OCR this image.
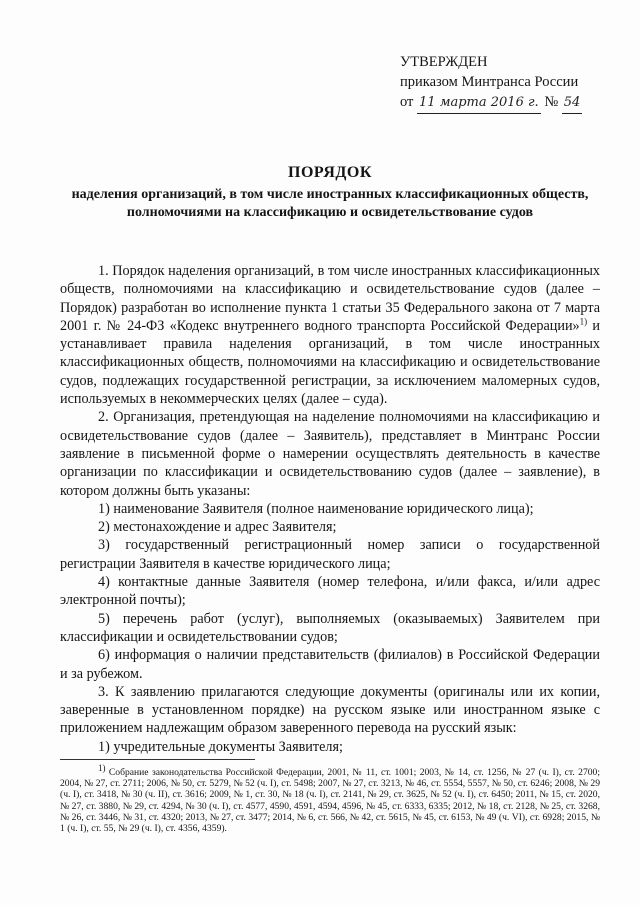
УТВЕРЖДЕН
приказом Минтранса России
от 11 марта 2016 г. № 54
ПОРЯДОК
наделения организаций, в том числе иностранных классификационных обществ, полномочиями на классификацию и освидетельствование судов

1. Порядок наделения организаций, в том числе иностранных классификационных обществ, полномочиями на классификацию и освидетельствование судов (далее – Порядок) разработан во исполнение пункта 1 статьи 35 Федерального закона от 7 марта 2001 г. № 24-ФЗ «Кодекс внутреннего водного транспорта Российской Федерации»$^{1)}$ и устанавливает правила наделения организаций, в том числе иностранных классификационных обществ, полномочиями на классификацию и освидетельствование судов, подлежащих государственной регистрации, за исключением маломерных судов, используемых в некоммерческих целях (далее – суда).

2. Организация, претендующая на наделение полномочиями на классификацию и освидетельствование судов (далее – Заявитель), представляет в Минтранс России заявление в письменной форме о намерении осуществлять деятельность в качестве организации по классификации и освидетельствованию судов (далее – заявление), в котором должны быть указаны:

1) наименование Заявителя (полное наименование юридического лица);

2) местонахождение и адрес Заявителя;

3) государственный регистрационный номер записи о государственной регистрации Заявителя в качестве юридического лица;

4) контактные данные Заявителя (номер телефона, и/или факса, и/или адрес электронной почты);

5) перечень работ (услуг), выполняемых (оказываемых) Заявителем при классификации и освидетельствовании судов;

6) информация о наличии представительств (филиалов) в Российской Федерации и за рубежом.

3. К заявлению прилагаются следующие документы (оригиналы или их копии, заверенные в установленном порядке) на русском языке или иностранном языке с приложением надлежащим образом заверенного перевода на русский язык:

1) учредительные документы Заявителя;

$^{1)}$ Собрание законодательства Российской Федерации, 2001, № 11, ст. 1001; 2003, № 14, ст. 1256, № 27 (ч. I), ст. 2700; 2004, № 27, ст. 2711; 2006, № 50, ст. 5279, № 52 (ч. I), ст. 5498; 2007, № 27, ст. 3213, № 46, ст. 5554, 5557, № 50, ст. 6246; 2008, № 29 (ч. I), ст. 3418, № 30 (ч. II), ст. 3616; 2009, № 1, ст. 30, № 18 (ч. I), ст. 2141, № 29, ст. 3625, № 52 (ч. I), ст. 6450; 2011, № 15, ст. 2020, № 27, ст. 3880, № 29, ст. 4294, № 30 (ч. I), ст. 4577, 4590, 4591, 4594, 4596, № 45, ст. 6333, 6335; 2012, № 18, ст. 2128, № 25, ст. 3268, № 26, ст. 3446, № 31, ст. 4320; 2013, № 27, ст. 3477; 2014, № 6, ст. 566, № 42, ст. 5615, № 45, ст. 6153, № 49 (ч. VI), ст. 6928; 2015, № 1 (ч. I), ст. 55, № 29 (ч. I), ст. 4356, 4359).
